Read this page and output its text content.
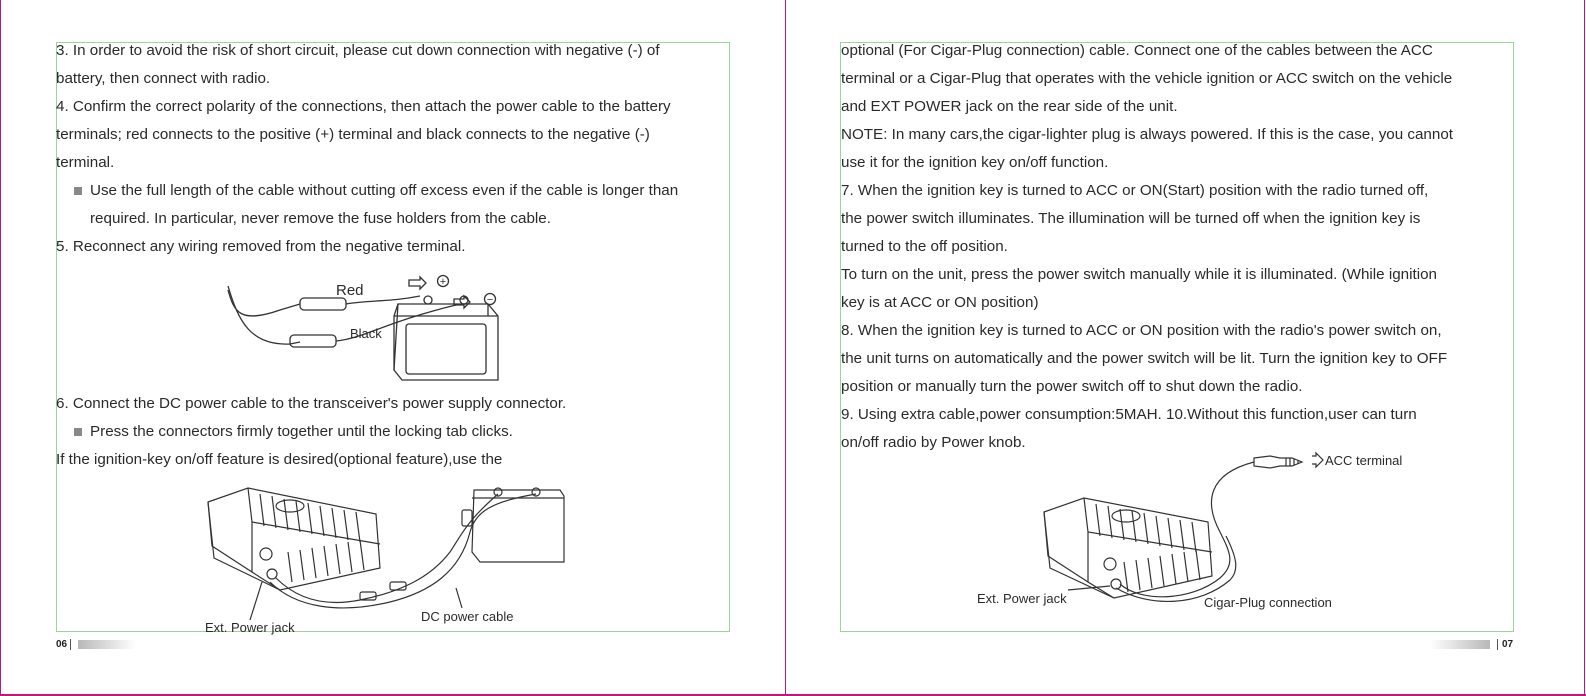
3. In order to avoid the risk of short circuit, please cut down connection with negative (-) of
battery, then connect with radio.
4. Confirm the correct polarity of the connections, then attach the power cable to the battery
terminals; red connects to the positive (+) terminal and black connects to the negative (-)
terminal.
Use the full length of the cable without cutting off excess even if the cable is longer than
required. In particular, never remove the fuse holders from the cable.
5. Reconnect any wiring removed from the negative terminal.
+
−
Red
Black
6. Connect the DC power cable to the transceiver's power supply connector.
Press the connectors firmly together until the locking tab clicks.
If the ignition-key on/off feature is desired(optional feature),use the
Ext. Power jack
DC power cable
06
optional (For Cigar-Plug connection) cable. Connect one of the cables between the ACC
terminal or a Cigar-Plug that operates with the vehicle ignition or ACC switch on the vehicle
and EXT POWER jack on the rear side of the unit.
NOTE: In many cars,the cigar-lighter plug is always powered. If this is the case, you cannot
use it for the ignition key on/off function.
7. When the ignition key is turned to ACC or ON(Start) position with the radio turned off,
the power switch illuminates. The illumination will be turned off when the ignition key is
turned to the off position.
To turn on the unit, press the power switch manually while it is illuminated. (While ignition
key is at ACC or ON position)
8. When the ignition key is turned to ACC or ON position with the radio's power switch on,
the unit turns on automatically and the power switch will be lit. Turn the ignition key to OFF
position or manually turn the power switch off to shut down the radio.
9. Using extra cable,power consumption:5MAH. 10.Without this function,user can turn
on/off radio by Power knob.
ACC terminal
Ext. Power jack	Cigar-Plug connection
07
